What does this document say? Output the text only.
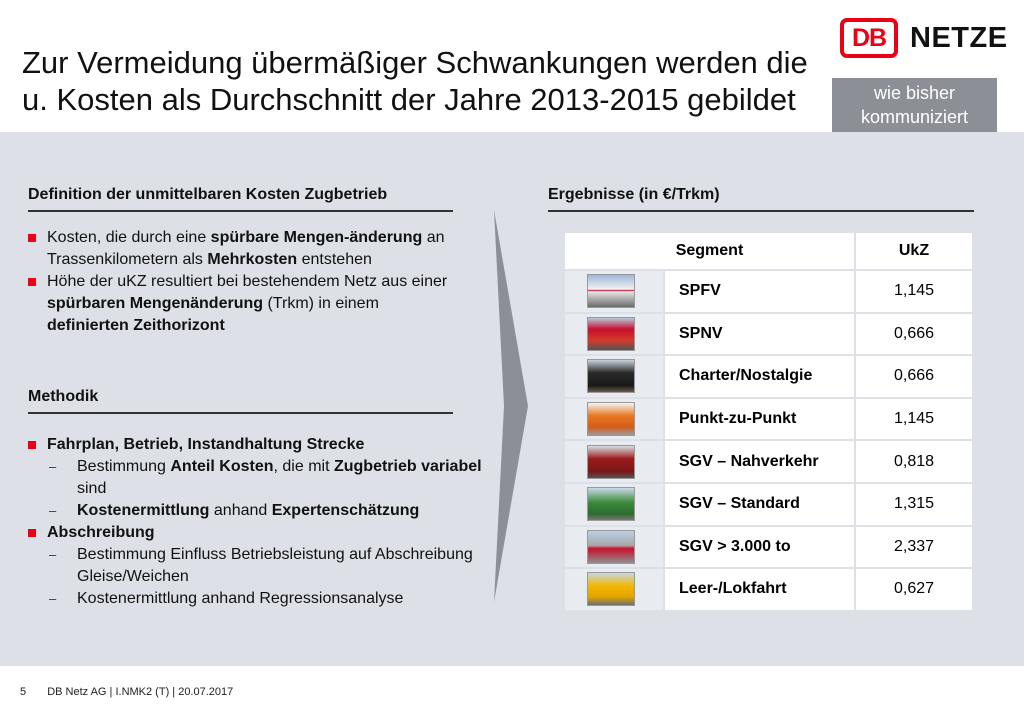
Zur Vermeidung übermäßiger Schwankungen werden die u. Kosten als Durchschnitt der Jahre 2013-2015 gebildet
DB NETZE
wie bisher kommuniziert
Definition der unmittelbaren Kosten Zugbetrieb
Kosten, die durch eine spürbare Mengen-änderung an Trassenkilometern als Mehrkosten entstehen
Höhe der uKZ resultiert bei bestehendem Netz aus einer spürbaren Mengenänderung (Trkm) in einem definierten Zeithorizont
Methodik
Fahrplan, Betrieb, Instandhaltung Strecke
– Bestimmung Anteil Kosten, die mit Zugbetrieb variabel sind
– Kostenermittlung anhand Expertenschätzung
Abschreibung
– Bestimmung Einfluss Betriebsleistung auf Abschreibung Gleise/Weichen
– Kostenermittlung anhand Regressionsanalyse
Ergebnisse (in €/Trkm)
Segment		UkZ

	SPFV	1,145

	SPNV	0,666

	Charter/Nostalgie	0,666

	Punkt-zu-Punkt	1,145

	SGV – Nahverkehr	0,818

	SGV – Standard	1,315

	SGV > 3.000 to	2,337

	Leer-/Lokfahrt	0,627
5 DB Netz AG | I.NMK2 (T) | 20.07.2017
